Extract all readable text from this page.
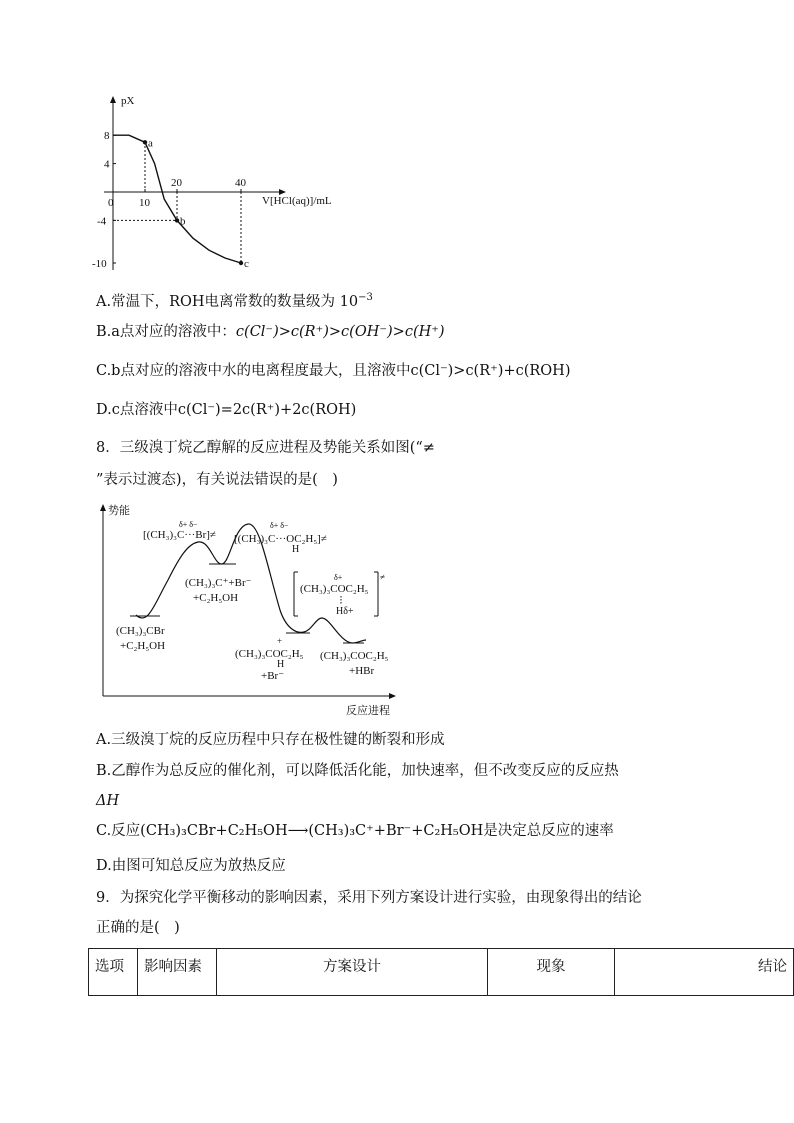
0 10
20	40
8
4
-4
-10
a
b
c
pX
V[HCl(aq)]/mL
A.常温下，ROH电离常数的数量级为 $10^{-3}$
B.a点对应的溶液中：c(Cl⁻)>c(R⁺)>c(OH⁻)>c(H⁺)
C.b点对应的溶液中水的电离程度最大，且溶液中c(Cl⁻)>c(R⁺)+c(ROH)
D.c点溶液中c(Cl⁻)=2c(R⁺)+2c(ROH)
8．三级溴丁烷乙醇解的反应进程及势能关系如图(“≠
”表示过渡态)，有关说法错误的是(　)
势能
δ+ δ−
[(CH₃)₃C···Br]≠
δ+ δ−
[(CH₃)₃C···OC₂H₅]≠
H
≠
δ+
(CH₃)₃COC₂H₅
Hδ+
(CH₃)₃CBr
+C₂H₅OH
(CH₃)₃C⁺+Br⁻
+C₂H₅OH
+
(CH₃)₃COC₂H₅
H
+Br⁻
(CH₃)₃COC₂H₅
+HBr
反应进程
A.三级溴丁烷的反应历程中只存在极性键的断裂和形成
B.乙醇作为总反应的催化剂，可以降低活化能，加快速率，但不改变反应的反应热
ΔH
C.反应(CH₃)₃CBr+C₂H₅OH⟶(CH₃)₃C⁺+Br⁻+C₂H₅OH是决定总反应的速率
D.由图可知总反应为放热反应
9．为探究化学平衡移动的影响因素，采用下列方案设计进行实验，由现象得出的结论
正确的是(　)
选项	影响因素	方案设计	现象	结论
